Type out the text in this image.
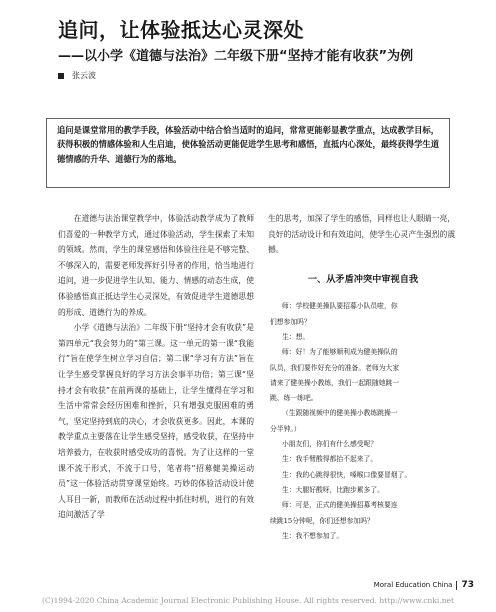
追问，让体验抵达心灵深处
——以小学《道德与法治》二年级下册“坚持才能有收获”为例
张云波
追问是课堂常用的教学手段，体验活动中结合恰当适时的追问，常常更能彰显教学重点，达成教学目标，获得积极的情感体验和人生启迪，使体验活动更能促进学生思考和感悟，直抵内心深处，最终获得学生道德情感的升华、道德行为的落地。

在道德与法治课堂教学中，体验活动教学成为了教师们喜爱的一种教学方式，通过体验活动，学生探索了未知的领域。然而，学生的课堂感悟和体验往往是不够完整、不够深入的，需要老师发挥好引导者的作用，恰当地进行追问，进一步促进学生认知、能力、情感的动态生成，使体验感悟真正抵达学生心灵深处，有效促进学生道德思想的形成、道德行为的养成。

小学《道德与法治》二年级下册“坚持才会有收获”是第四单元“我会努力的”第三课。这一单元的第一课“我能行”旨在使学生树立学习自信；第二课“学习有方法”旨在让学生感受掌握良好的学习方法会事半功倍；第三课“坚持才会有收获”在前两课的基础上，让学生懂得在学习和生活中常常会经历困难和挫折，只有增强克服困难的勇气，坚定坚持到底的决心，才会收获更多。因此，本课的教学重点主要落在让学生感受坚持，感受收获，在坚持中培养毅力，在收获时感受成功的喜悦。为了让这样的一堂课不流于形式，不流于口号，笔者将“招募健美操运动员”这一体验活动贯穿课堂始终。巧妙的体验活动设计使人耳目一新，而教师在活动过程中抓住时机，进行的有效追问激活了学

生的思考，加深了学生的感悟，同样也让人眼睛一亮，良好的活动设计和有效追问，使学生心灵产生强烈的震撼。

一、从矛盾冲突中审视自我
师：学校健美操队要招募小队员啦，你
们想参加吗？
生：想。
师：好！为了能够顺利成为健美操队的
队员，我们要作好充分的准备。老师为大家
请来了健美操小教练，我们一起跟随她跳一
跳、练一练吧。
（生跟随视频中的健美操小教练跳操一
分半钟。）
小朋友们，你们有什么感受呢？
生：我手臂酸得都抬不起来了。
生：我的心跳得很快，嗓喉口像要冒烟了。
生：大腿好酸呀，比跑步累多了。
师：可是，正式的健美操招募考核要连
续跳15分钟呢，你们还想参加吗？
生：我不想参加了。
Moral Education China 73
(C)1994-2020 China Academic Journal Electronic Publishing House. All rights reserved. http://www.cnki.net
